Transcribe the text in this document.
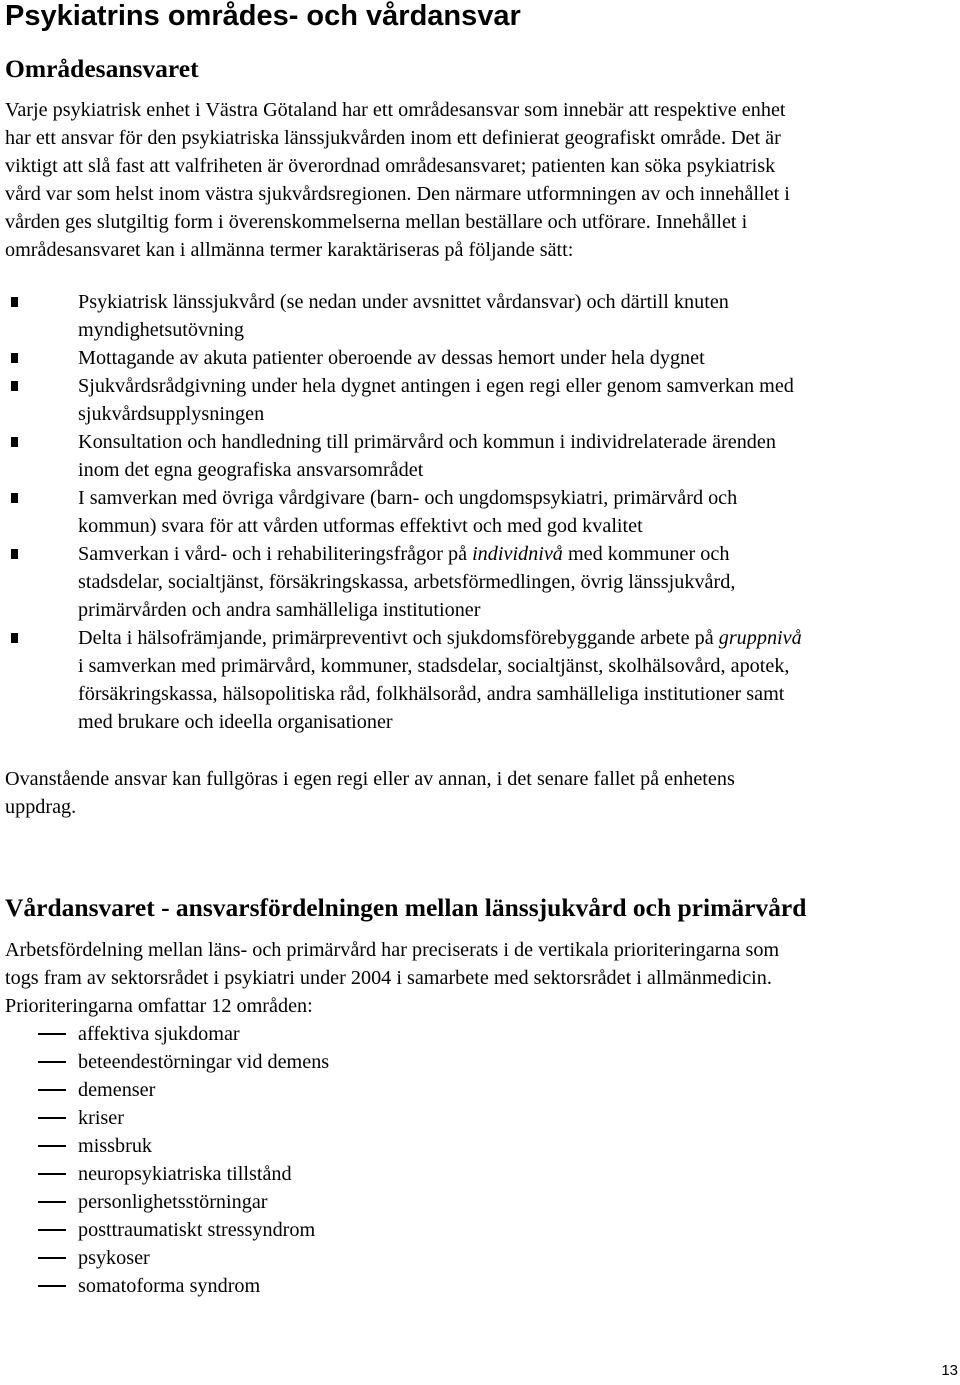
Psykiatrins områdes- och vårdansvar
Områdesansvaret
Varje psykiatrisk enhet i Västra Götaland har ett områdesansvar som innebär att respektive enhet
har ett ansvar för den psykiatriska länssjukvården inom ett definierat geografiskt område. Det är
viktigt att slå fast att valfriheten är överordnad områdesansvaret; patienten kan söka psykiatrisk
vård var som helst inom västra sjukvårdsregionen. Den närmare utformningen av och innehållet i
vården ges slutgiltig form i överenskommelserna mellan beställare och utförare. Innehållet i
områdesansvaret kan i allmänna termer karaktäriseras på följande sätt:
Psykiatrisk länssjukvård (se nedan under avsnittet vårdansvar) och därtill knuten
myndighetsutövning
Mottagande av akuta patienter oberoende av dessas hemort under hela dygnet
Sjukvårdsrådgivning under hela dygnet antingen i egen regi eller genom samverkan med
sjukvårdsupplysningen
Konsultation och handledning till primärvård och kommun i individrelaterade ärenden
inom det egna geografiska ansvarsområdet
I samverkan med övriga vårdgivare (barn- och ungdomspsykiatri, primärvård och
kommun) svara för att vården utformas effektivt och med god kvalitet
Samverkan i vård- och i rehabiliteringsfrågor på individnivå med kommuner och
stadsdelar, socialtjänst, försäkringskassa, arbetsförmedlingen, övrig länssjukvård,
primärvården och andra samhälleliga institutioner
Delta i hälsofrämjande, primärpreventivt och sjukdomsförebyggande arbete på gruppnivå
i samverkan med primärvård, kommuner, stadsdelar, socialtjänst, skolhälsovård, apotek,
försäkringskassa, hälsopolitiska råd, folkhälsoråd, andra samhälleliga institutioner samt
med brukare och ideella organisationer
Ovanstående ansvar kan fullgöras i egen regi eller av annan, i det senare fallet på enhetens
uppdrag.
Vårdansvaret - ansvarsfördelningen mellan länssjukvård och primärvård
Arbetsfördelning mellan läns- och primärvård har preciserats i de vertikala prioriteringarna som
togs fram av sektorsrådet i psykiatri under 2004 i samarbete med sektorsrådet i allmänmedicin.
Prioriteringarna omfattar 12 områden:
affektiva sjukdomar
beteendestörningar vid demens
demenser
kriser
missbruk
neuropsykiatriska tillstånd
personlighetsstörningar
posttraumatiskt stressyndrom
psykoser
somatoforma syndrom
13
